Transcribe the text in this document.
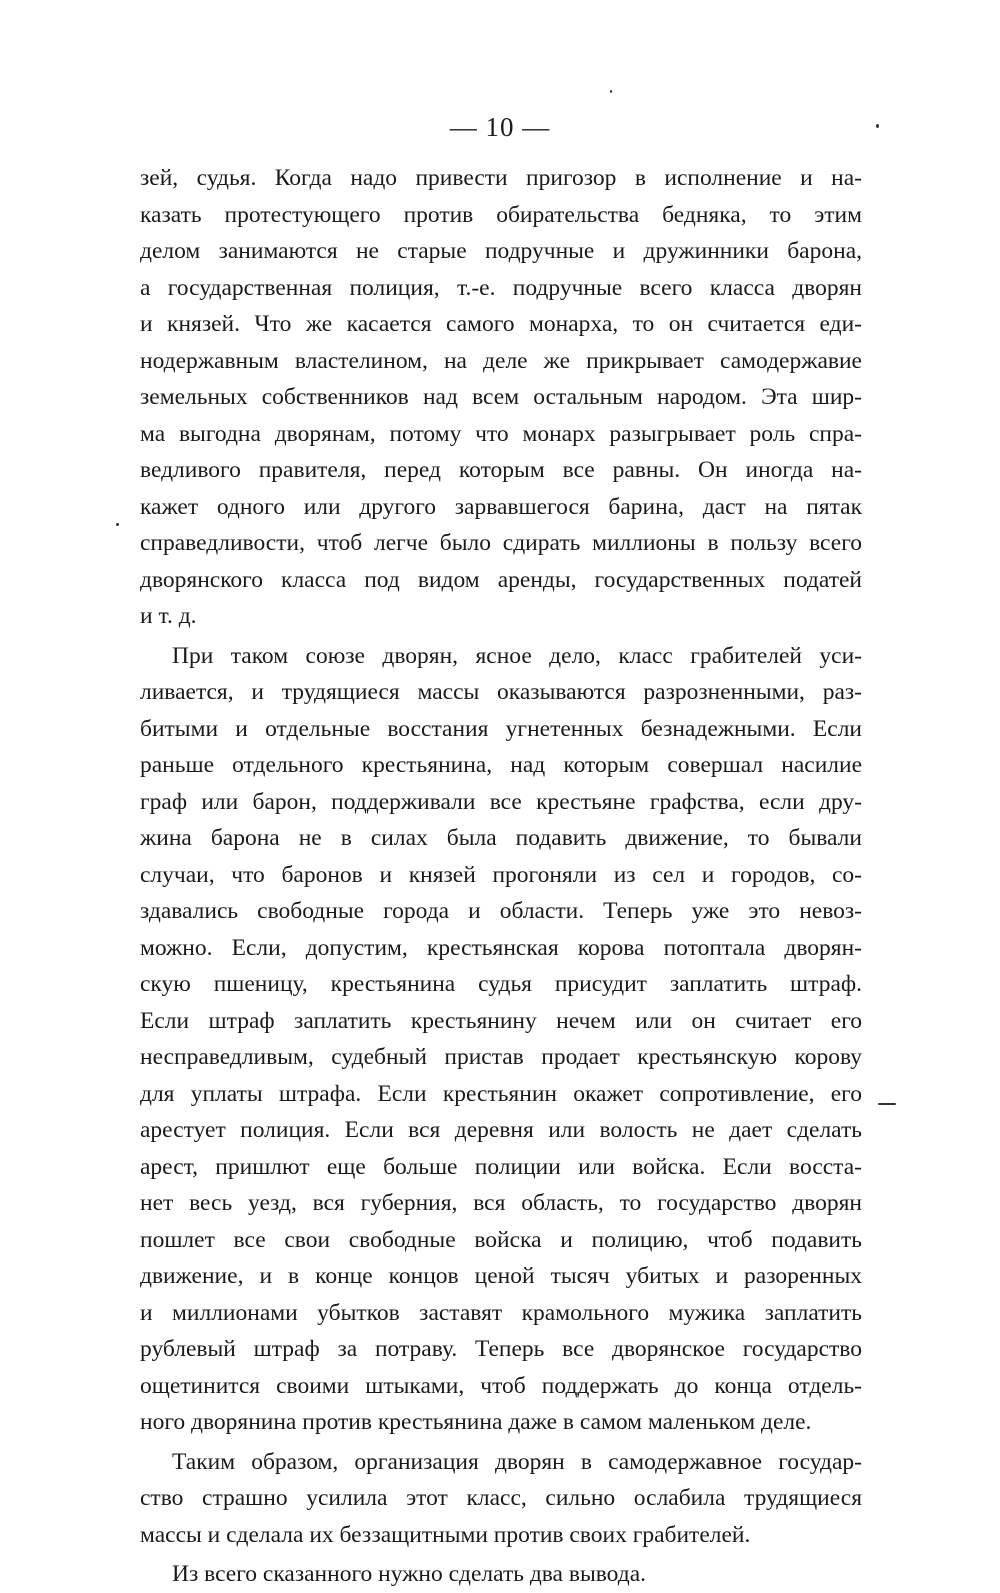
— 10 —
зей, судья. Когда надо привести пригозор в исполнение и на-
казать протестующего против обирательства бедняка, то этим
делом занимаются не старые подручные и дружинники барона,
а государственная полиция, т.-е. подручные всего класса дворян
и князей. Что же касается самого монарха, то он считается еди-
нодержавным властелином, на деле же прикрывает самодержавие
земельных собственников над всем остальным народом. Эта шир-
ма выгодна дворянам, потому что монарх разыгрывает роль спра-
ведливого правителя, перед которым все равны. Он иногда на-
кажет одного или другого зарвавшегося барина, даст на пятак
справедливости, чтоб легче было сдирать миллионы в пользу всего
дворянского класса под видом аренды, государственных податей
и т. д.
При таком союзе дворян, ясное дело, класс грабителей уси-
ливается, и трудящиеся массы оказываются разрозненными, раз-
битыми и отдельные восстания угнетенных безнадежными. Если
раньше отдельного крестьянина, над которым совершал насилие
граф или барон, поддерживали все крестьяне графства, если дру-
жина барона не в силах была подавить движение, то бывали
случаи, что баронов и князей прогоняли из сел и городов, со-
здавались свободные города и области. Теперь уже это невоз-
можно. Если, допустим, крестьянская корова потоптала дворян-
скую пшеницу, крестьянина судья присудит заплатить штраф.
Если штраф заплатить крестьянину нечем или он считает его
несправедливым, судебный пристав продает крестьянскую корову
для уплаты штрафа. Если крестьянин окажет сопротивление, его
арестует полиция. Если вся деревня или волость не дает сделать
арест, пришлют еще больше полиции или войска. Если восста-
нет весь уезд, вся губерния, вся область, то государство дворян
пошлет все свои свободные войска и полицию, чтоб подавить
движение, и в конце концов ценой тысяч убитых и разоренных
и миллионами убытков заставят крамольного мужика заплатить
рублевый штраф за потраву. Теперь все дворянское государство
ощетинится своими штыками, чтоб поддержать до конца отдель-
ного дворянина против крестьянина даже в самом маленьком деле.
Таким образом, организация дворян в самодержавное государ-
ство страшно усилила этот класс, сильно ослабила трудящиеся
массы и сделала их беззащитными против своих грабителей.
Из всего сказанного нужно сделать два вывода.
